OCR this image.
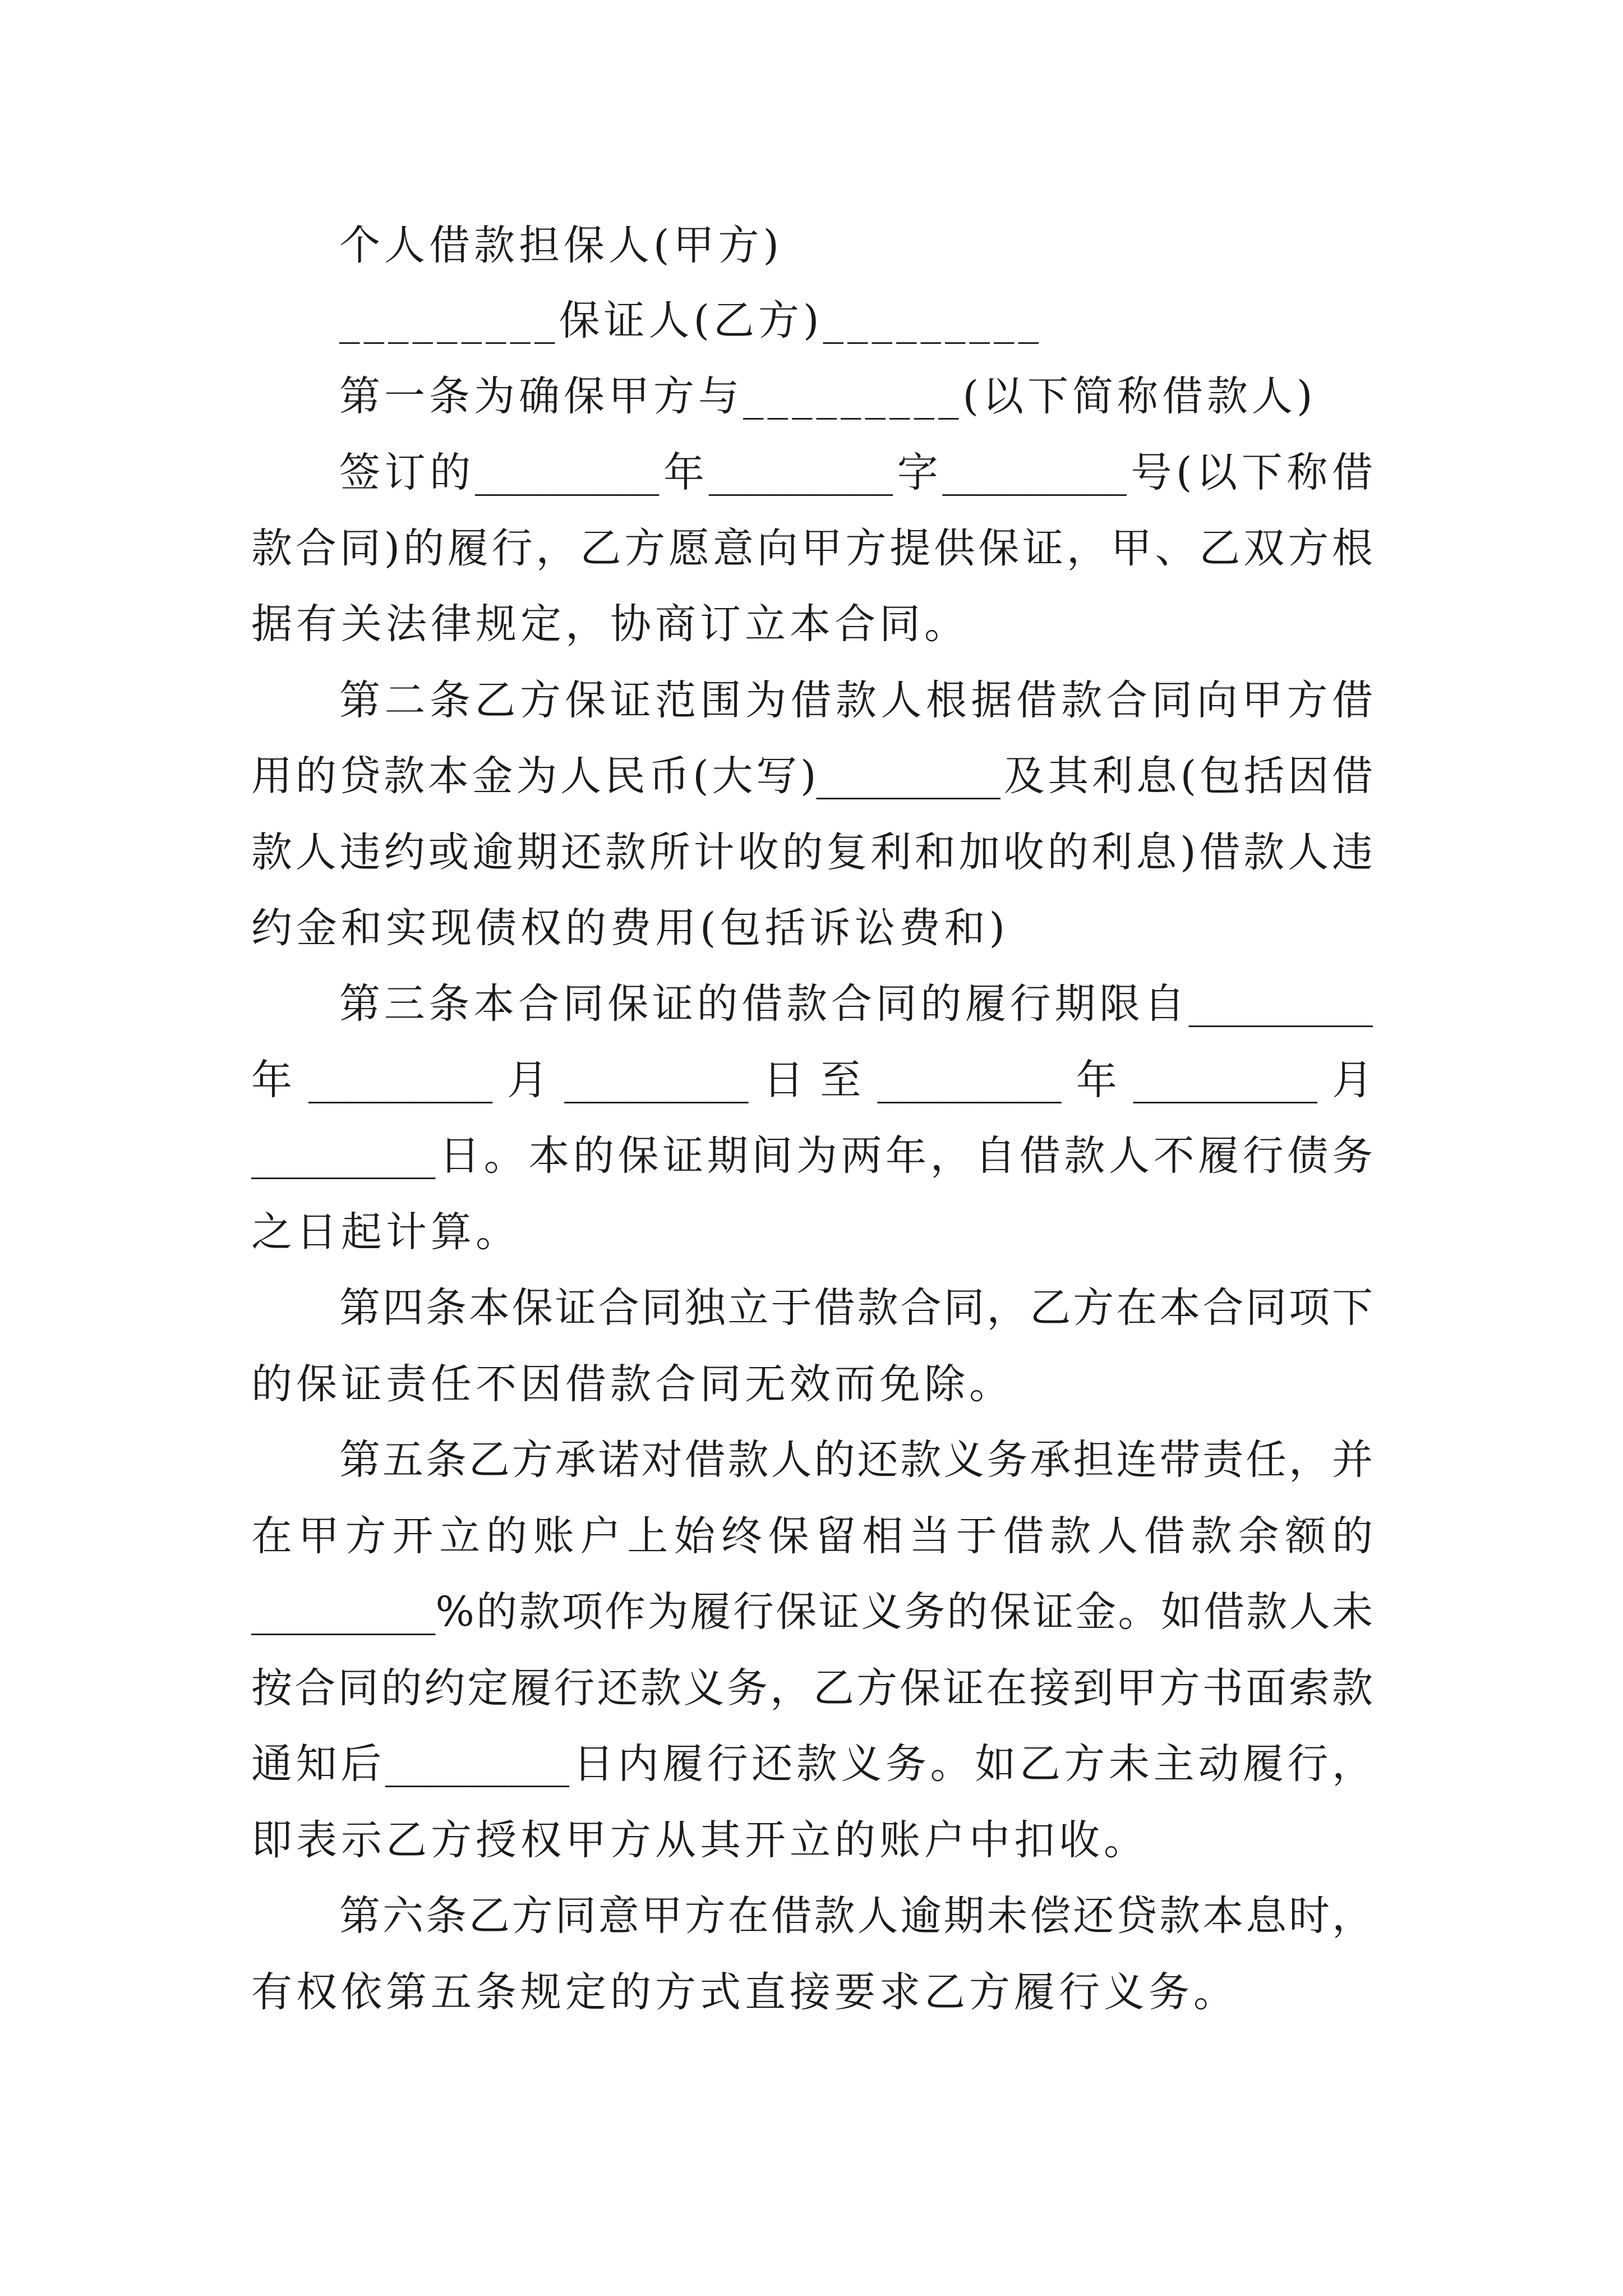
个人借款担保人(甲方)
_________保证人(乙方)_________
第一条为确保甲方与_________(以下简称借款人)
签订的_________年_________字_________号(以下称借
款合同)的履行，乙方愿意向甲方提供保证，甲、乙双方根
据有关法律规定，协商订立本合同。
第二条乙方保证范围为借款人根据借款合同向甲方借
用的贷款本金为人民币(大写)_________及其利息(包括因借
款人违约或逾期还款所计收的复利和加收的利息)借款人违
约金和实现债权的费用(包括诉讼费和)
第三条本合同保证的借款合同的履行期限自_________
年 _________ 月 _________ 日 至 _________ 年 _________ 月
_________日。本的保证期间为两年，自借款人不履行债务
之日起计算。
第四条本保证合同独立于借款合同，乙方在本合同项下
的保证责任不因借款合同无效而免除。
第五条乙方承诺对借款人的还款义务承担连带责任，并
在甲方开立的账户上始终保留相当于借款人借款余额的
_________%的款项作为履行保证义务的保证金。如借款人未
按合同的约定履行还款义务，乙方保证在接到甲方书面索款
通知后_________日内履行还款义务。如乙方未主动履行，
即表示乙方授权甲方从其开立的账户中扣收。
第六条乙方同意甲方在借款人逾期未偿还贷款本息时，
有权依第五条规定的方式直接要求乙方履行义务。
